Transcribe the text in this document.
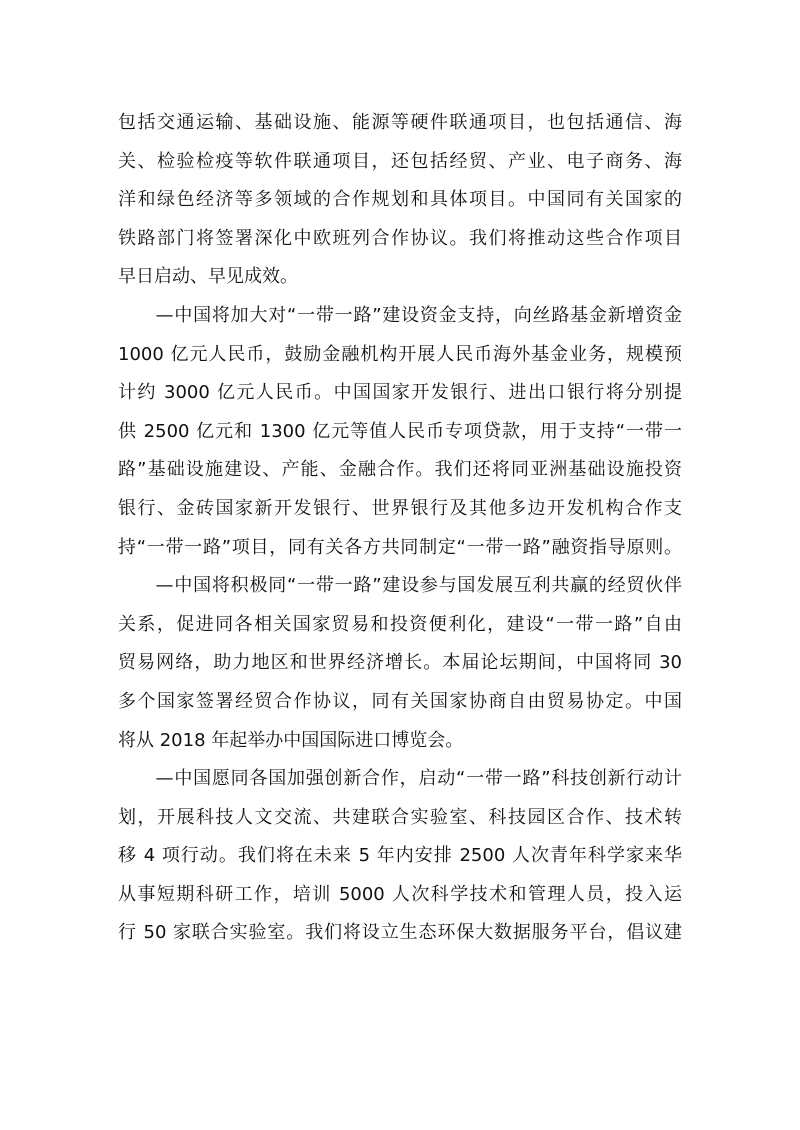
包括交通运输、基础设施、能源等硬件联通项目，也包括通信、海
关、检验检疫等软件联通项目，还包括经贸、产业、电子商务、海
洋和绿色经济等多领域的合作规划和具体项目。中国同有关国家的
铁路部门将签署深化中欧班列合作协议。我们将推动这些合作项目
早日启动、早见成效。
　　—中国将加大对“一带一路”建设资金支持，向丝路基金新增资金
1000 亿元人民币，鼓励金融机构开展人民币海外基金业务，规模预
计约 3000 亿元人民币。中国国家开发银行、进出口银行将分别提
供 2500 亿元和 1300 亿元等值人民币专项贷款，用于支持“一带一
路”基础设施建设、产能、金融合作。我们还将同亚洲基础设施投资
银行、金砖国家新开发银行、世界银行及其他多边开发机构合作支
持“一带一路”项目，同有关各方共同制定“一带一路”融资指导原则。
　　—中国将积极同“一带一路”建设参与国发展互利共赢的经贸伙伴
关系，促进同各相关国家贸易和投资便利化，建设“一带一路”自由
贸易网络，助力地区和世界经济增长。本届论坛期间，中国将同 30
多个国家签署经贸合作协议，同有关国家协商自由贸易协定。中国
将从 2018 年起举办中国国际进口博览会。
　　—中国愿同各国加强创新合作，启动“一带一路”科技创新行动计
划，开展科技人文交流、共建联合实验室、科技园区合作、技术转
移 4 项行动。我们将在未来 5 年内安排 2500 人次青年科学家来华
从事短期科研工作，培训 5000 人次科学技术和管理人员，投入运
行 50 家联合实验室。我们将设立生态环保大数据服务平台，倡议建
